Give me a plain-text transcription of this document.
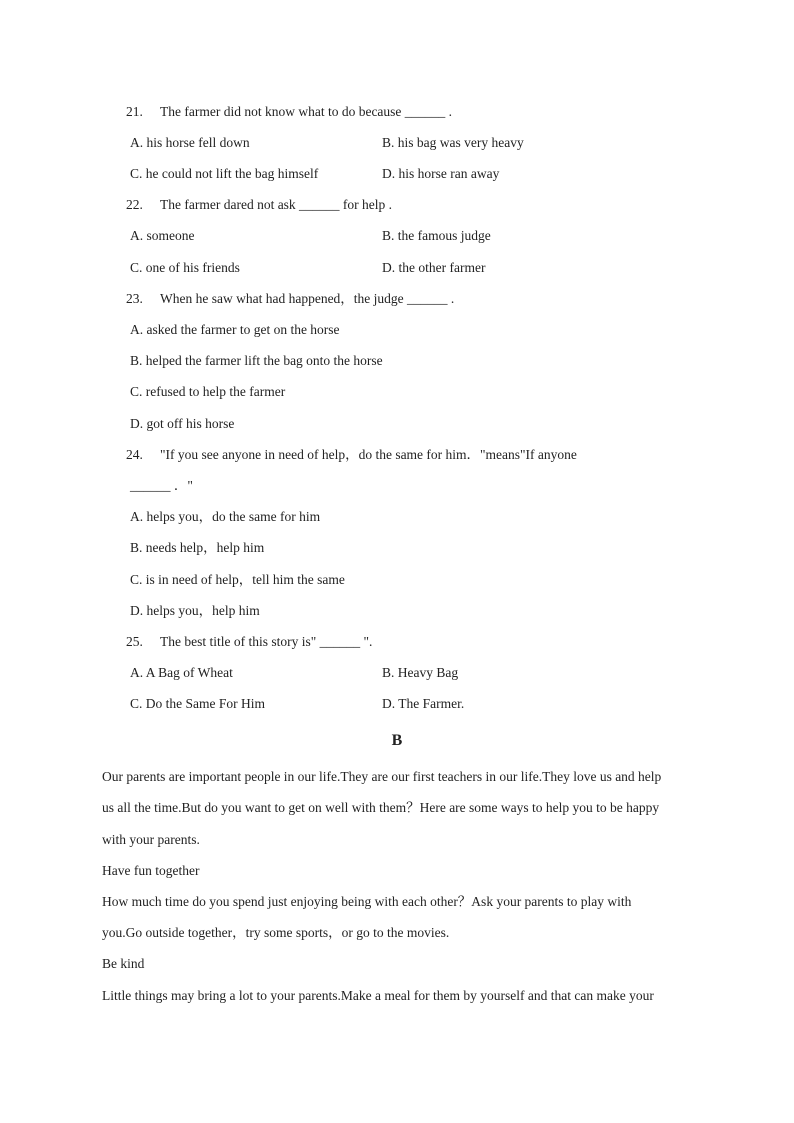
21. The farmer did not know what to do because ______ .
A. his horse fell down	B. his bag was very heavy
C. he could not lift the bag himself	D. his horse ran away
22. The farmer dared not ask ______ for help .
A. someone	B. the famous judge
C. one of his friends	D. the other farmer
23. When he saw what had happened，the judge ______ .
A. asked the farmer to get on the horse
B. helped the farmer lift the bag onto the horse
C. refused to help the farmer
D. got off his horse
24. "If you see anyone in need of help，do the same for him．"means"If anyone
______ ．"
A. helps you，do the same for him
B. needs help，help him
C. is in need of help，tell him the same
D. helps you，help him
25. The best title of this story is" ______ ".
A. A Bag of Wheat	B. Heavy Bag
C. Do the Same For Him	D. The Farmer.
B
Our parents are important people in our life.They are our first teachers in our life.They love us and help
us all the time.But do you want to get on well with them？Here are some ways to help you to be happy
with your parents.
Have fun together
How much time do you spend just enjoying being with each other？Ask your parents to play with
you.Go outside together，try some sports，or go to the movies.
Be kind
Little things may bring a lot to your parents.Make a meal for them by yourself and that can make your
